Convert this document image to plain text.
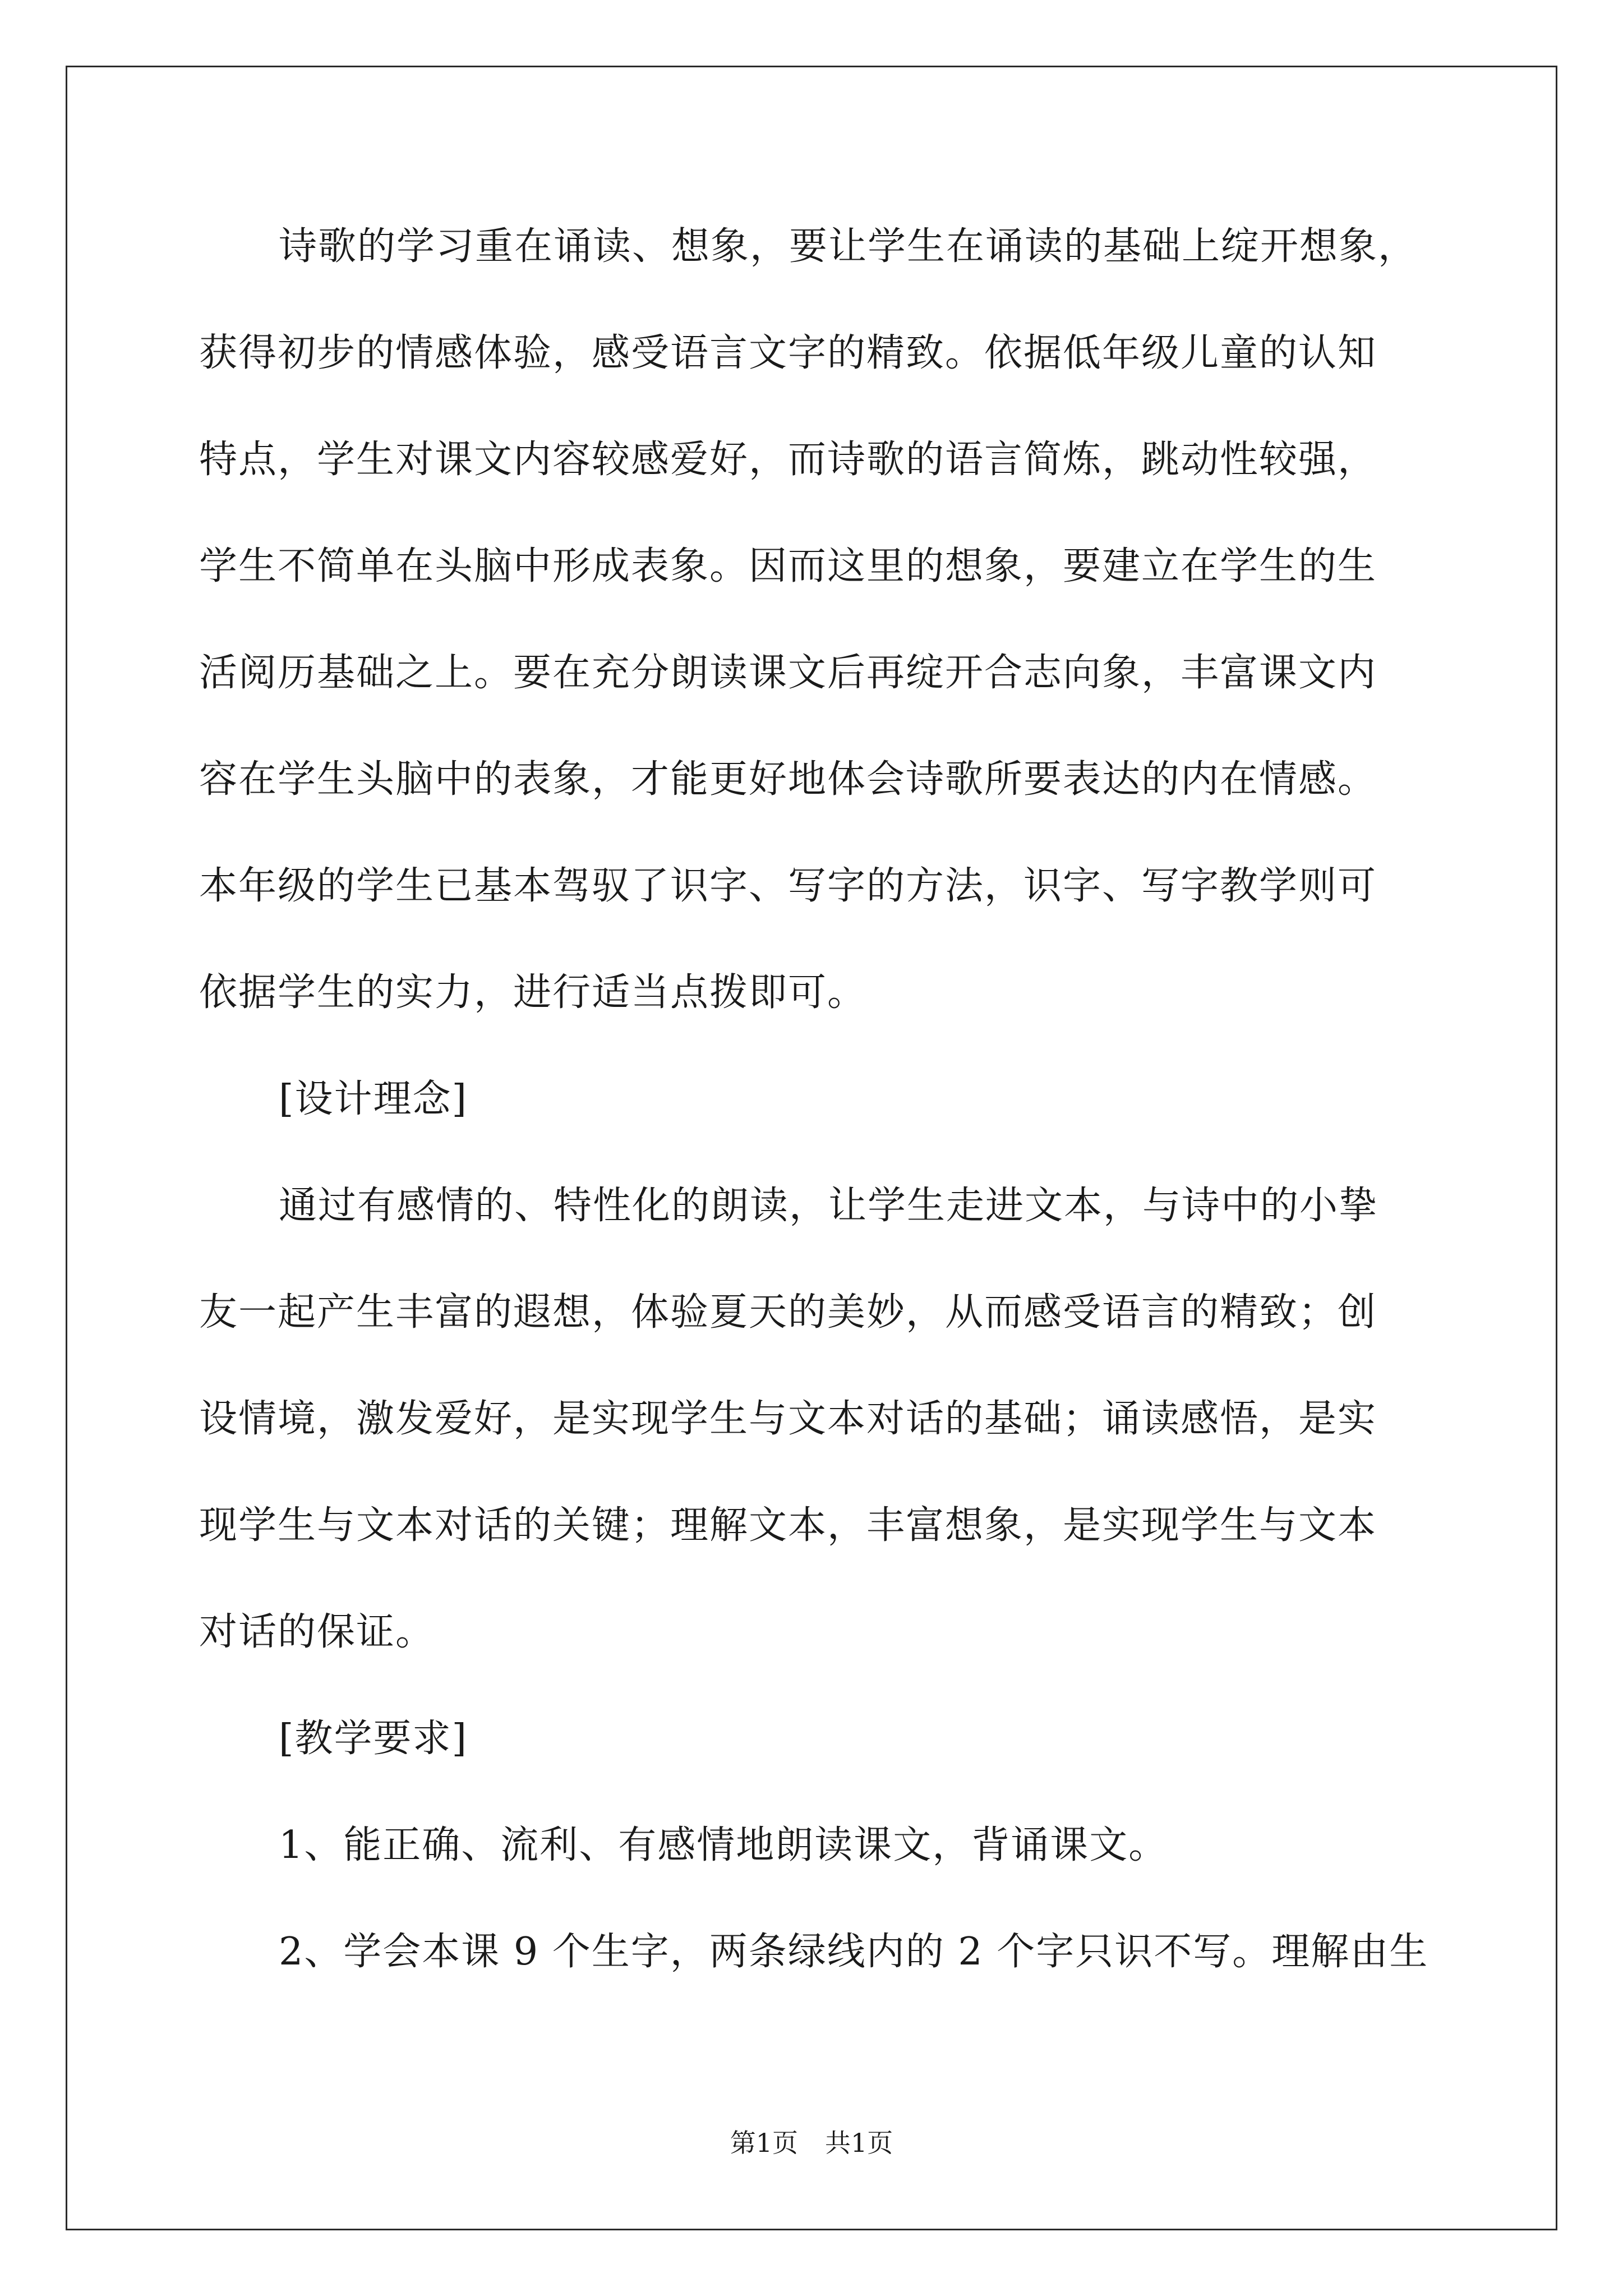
诗歌的学习重在诵读、想象，要让学生在诵读的基础上绽开想象，
获得初步的情感体验，感受语言文字的精致。依据低年级儿童的认知
特点，学生对课文内容较感爱好，而诗歌的语言简炼，跳动性较强，
学生不简单在头脑中形成表象。因而这里的想象，要建立在学生的生
活阅历基础之上。要在充分朗读课文后再绽开合志向象，丰富课文内
容在学生头脑中的表象，才能更好地体会诗歌所要表达的内在情感。
本年级的学生已基本驾驭了识字、写字的方法，识字、写字教学则可
依据学生的实力，进行适当点拨即可。
[设计理念]
通过有感情的、特性化的朗读，让学生走进文本，与诗中的小挚
友一起产生丰富的遐想，体验夏天的美妙，从而感受语言的精致；创
设情境，激发爱好，是实现学生与文本对话的基础；诵读感悟，是实
现学生与文本对话的关键；理解文本，丰富想象，是实现学生与文本
对话的保证。
[教学要求]
1、能正确、流利、有感情地朗读课文，背诵课文。
2、学会本课 9 个生字，两条绿线内的 2 个字只识不写。理解由生
第1页 共1页
